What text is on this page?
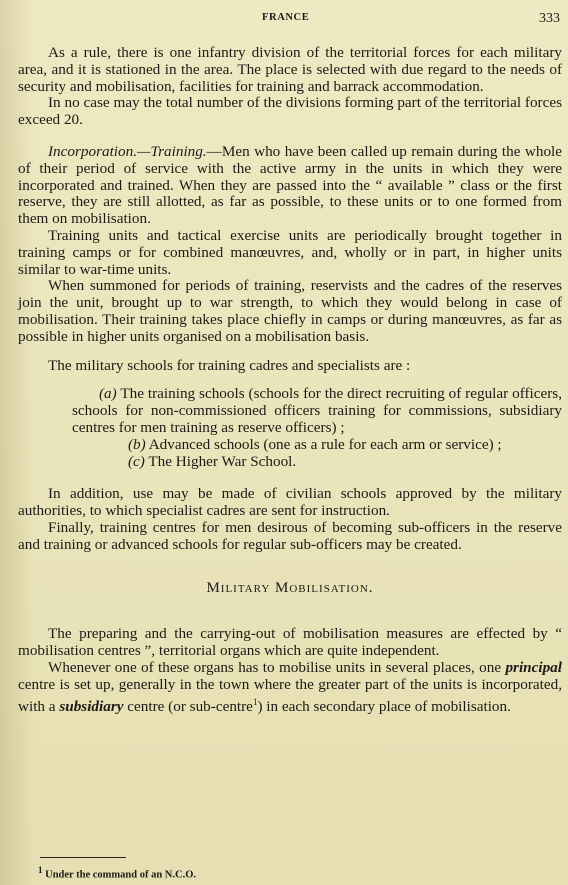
FRANCE	333

As a rule, there is one infantry division of the territorial forces for each military area, and it is stationed in the area. The place is selected with due regard to the needs of security and mobilisation, facilities for training and barrack accommodation.

In no case may the total number of the divisions forming part of the territorial forces exceed 20.

Incorporation.—Training.—Men who have been called up remain during the whole of their period of service with the active army in the units in which they were incorporated and trained. When they are passed into the “ available ” class or the first reserve, they are still allotted, as far as possible, to these units or to one formed from them on mobilisation.

Training units and tactical exercise units are periodically brought together in training camps or for combined manœuvres, and, wholly or in part, in higher units similar to war-time units.

When summoned for periods of training, reservists and the cadres of the reserves join the unit, brought up to war strength, to which they would belong in case of mobilisation. Their training takes place chiefly in camps or during manœuvres, as far as possible in higher units organised on a mobilisation basis.

The military schools for training cadres and specialists are :

(a) The training schools (schools for the direct recruiting of regular officers, schools for non-commissioned officers training for commissions, subsidiary centres for men training as reserve officers) ;

(b) Advanced schools (one as a rule for each arm or service) ;

(c) The Higher War School.

In addition, use may be made of civilian schools approved by the military authorities, to which specialist cadres are sent for instruction.

Finally, training centres for men desirous of becoming sub-officers in the reserve and training or advanced schools for regular sub-officers may be created.

Military Mobilisation.

The preparing and the carrying-out of mobilisation measures are effected by “ mobilisation centres ”, territorial organs which are quite independent.

Whenever one of these organs has to mobilise units in several places, one principal centre is set up, generally in the town where the greater part of the units is incorporated, with a subsidiary centre (or sub-centre$^1$) in each secondary place of mobilisation.

$^1$ Under the command of an N.C.O.
